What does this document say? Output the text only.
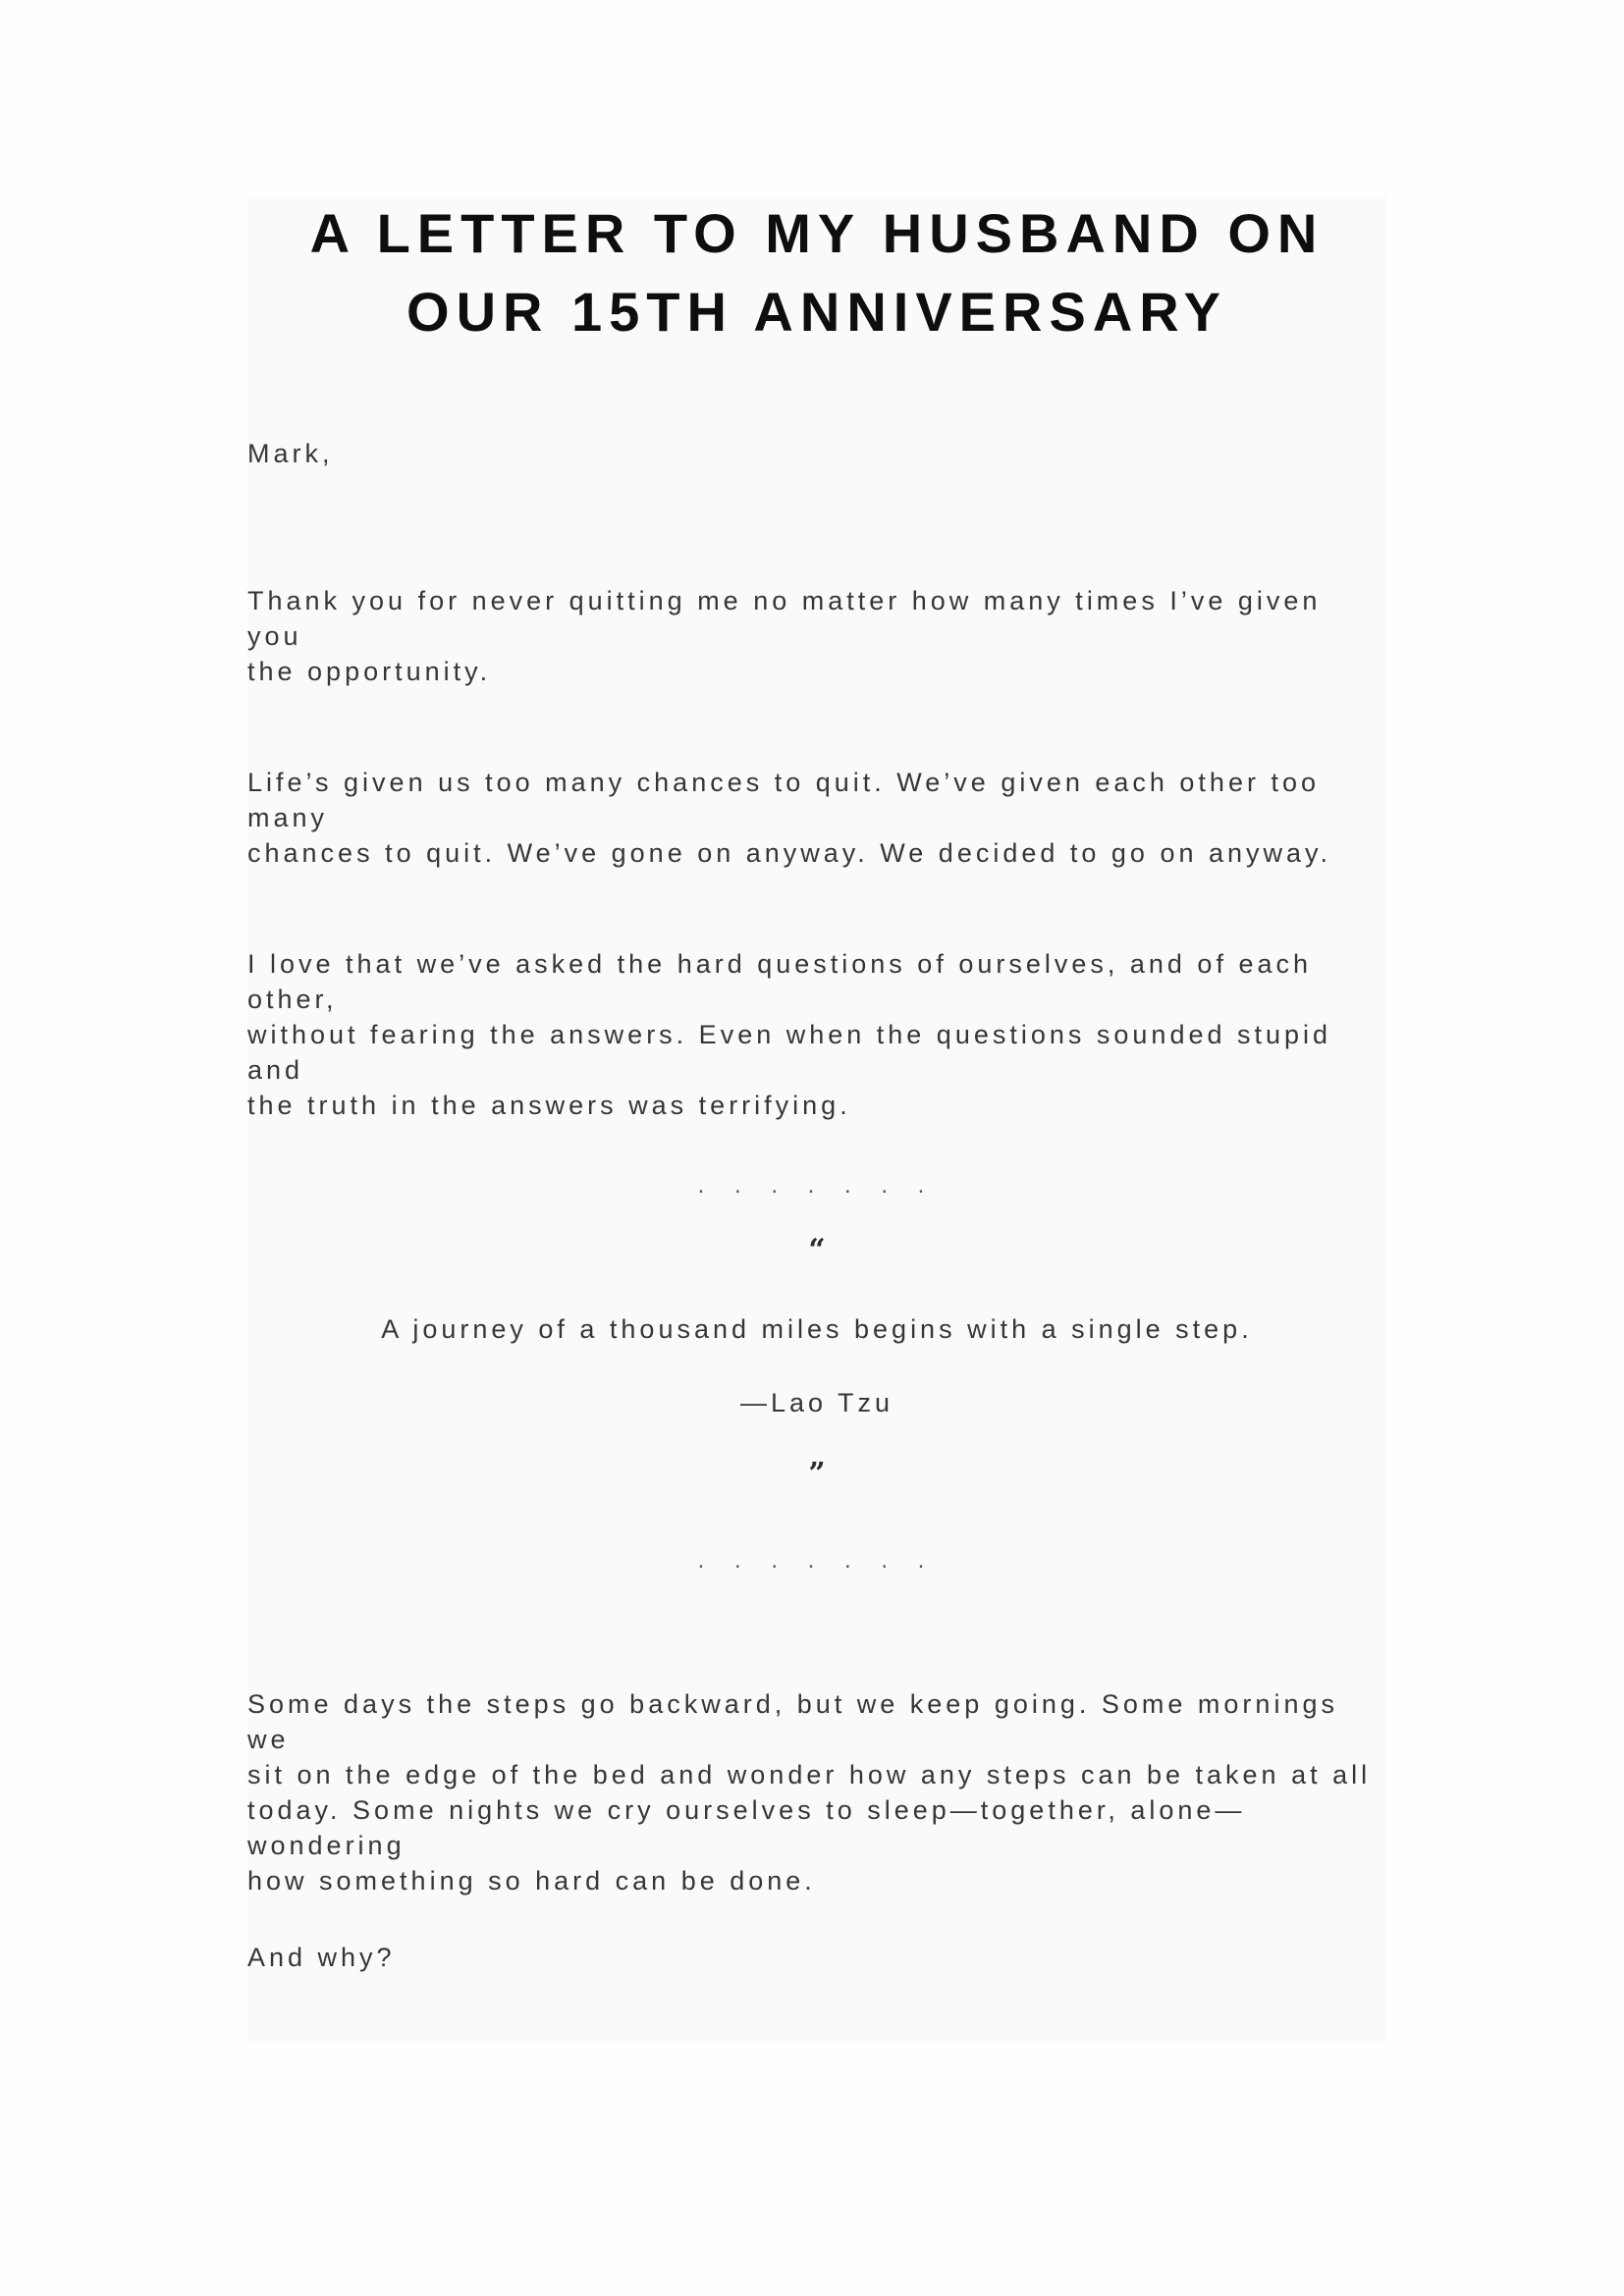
A LETTER TO MY HUSBAND ON OUR 15TH ANNIVERSARY

Mark,

Thank you for never quitting me no matter how many times I’ve given you
the opportunity.

Life’s given us too many chances to quit. We’ve given each other too many
chances to quit. We’ve gone on anyway. We decided to go on anyway.

I love that we’ve asked the hard questions of ourselves, and of each other,
without fearing the answers. Even when the questions sounded stupid and
the truth in the answers was terrifying.

. . . . . . .

“

A journey of a thousand miles begins with a single step.

—Lao Tzu

”

. . . . . . .

Some days the steps go backward, but we keep going. Some mornings we
sit on the edge of the bed and wonder how any steps can be taken at all
today. Some nights we cry ourselves to sleep—together, alone—wondering
how something so hard can be done.

And why?
